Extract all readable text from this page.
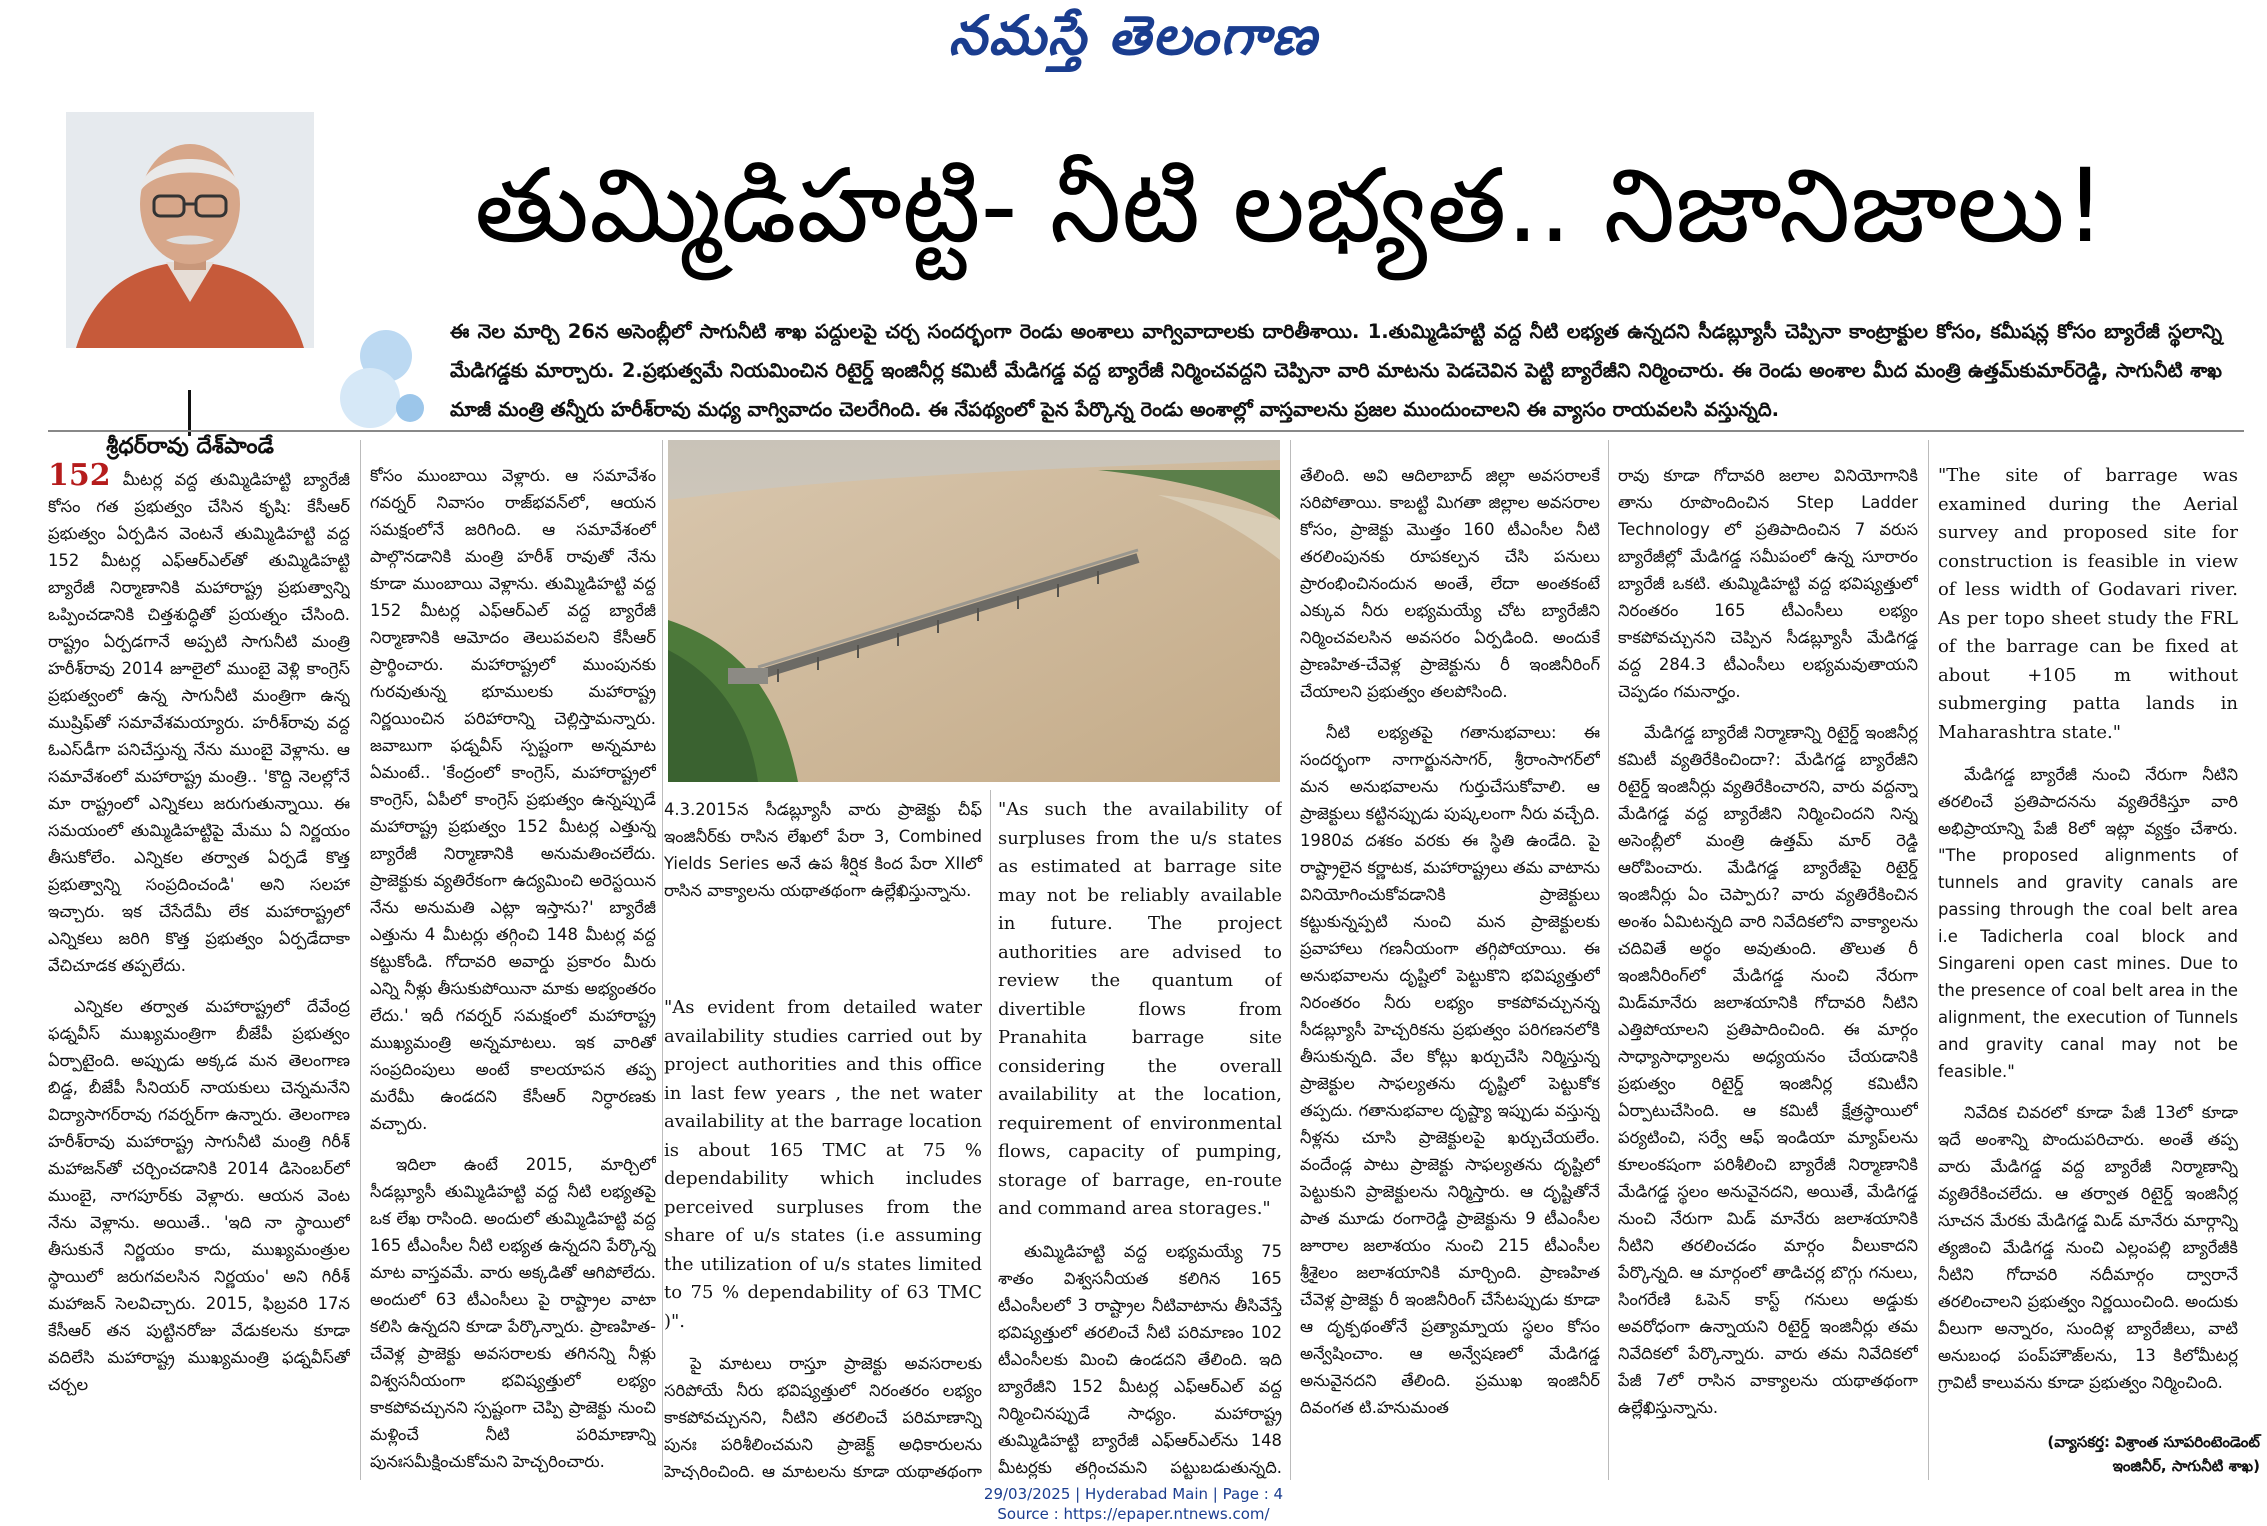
నమస్తే తెలంగాణ
శ్రీధర్‌రావు దేశ్‌పాండే
తుమ్మిడిహట్టి- నీటి లభ్యత.. నిజానిజాలు!
ఈ నెల మార్చి 26న అసెంబ్లీలో సాగునీటి శాఖ పద్దులపై చర్చ సందర్భంగా రెండు అంశాలు వాగ్వివాదాలకు దారితీశాయి. 1.తుమ్మిడిహట్టి వద్ద నీటి లభ్యత ఉన్నదని సీడబ్ల్యూసీ చెప్పినా కాంట్రాక్టుల కోసం, కమీషన్ల కోసం బ్యారేజీ స్థలాన్ని మేడిగడ్డకు మార్చారు. 2.ప్రభుత్వమే నియమించిన రిటైర్డ్ ఇంజినీర్ల కమిటీ మేడిగడ్డ వద్ద బ్యారేజీ నిర్మించవద్దని చెప్పినా వారి మాటను పెడచెవిన పెట్టి బ్యారేజీని నిర్మించారు. ఈ రెండు అంశాల మీద మంత్రి ఉత్తమ్‌కుమార్‌రెడ్డి, సాగునీటి శాఖ మాజీ మంత్రి తన్నీరు హరీశ్‌రావు మధ్య వాగ్వివాదం చెలరేగింది. ఈ నేపథ్యంలో పైన పేర్కొన్న రెండు అంశాల్లో వాస్తవాలను ప్రజల ముందుంచాలని ఈ వ్యాసం రాయవలసి వస్తున్నది.

152 మీటర్ల వద్ద తుమ్మిడిహట్టి బ్యారేజీ కోసం గత ప్రభుత్వం చేసిన కృషి: కేసీఆర్ ప్రభుత్వం ఏర్పడిన వెంటనే తుమ్మిడిహట్టి వద్ద 152 మీటర్ల ఎఫ్‌ఆర్‌ఎల్‌తో తుమ్మిడిహట్టి బ్యారేజీ నిర్మాణానికి మహారాష్ట్ర ప్రభుత్వాన్ని ఒప్పించడానికి చిత్తశుద్ధితో ప్రయత్నం చేసింది. రాష్ట్రం ఏర్పడగానే అప్పటి సాగునీటి మంత్రి హరీశ్‌రావు 2014 జూలైలో ముంబై వెళ్లి కాంగ్రెస్ ప్రభుత్వంలో ఉన్న సాగునీటి మంత్రిగా ఉన్న ముష్రిఫ్‌తో సమావేశమయ్యారు. హరీశ్‌రావు వద్ద ఓఎస్‌డీగా పనిచేస్తున్న నేను ముంబై వెళ్లాను. ఆ సమావేశంలో మహారాష్ట్ర మంత్రి.. 'కొద్ది నెలల్లోనే మా రాష్ట్రంలో ఎన్నికలు జరుగుతున్నాయి. ఈ సమయంలో తుమ్మిడిహట్టిపై మేము ఏ నిర్ణయం తీసుకోలేం. ఎన్నికల తర్వాత ఏర్పడే కొత్త ప్రభుత్వాన్ని సంప్రదించండి' అని సలహా ఇచ్చారు. ఇక చేసేదేమీ లేక మహారాష్ట్రలో ఎన్నికలు జరిగి కొత్త ప్రభుత్వం ఏర్పడేదాకా వేచిచూడక తప్పలేదు.

ఎన్నికల తర్వాత మహారాష్ట్రలో దేవేంద్ర ఫడ్నవీస్ ముఖ్యమంత్రిగా బీజేపీ ప్రభుత్వం ఏర్పాటైంది. అప్పుడు అక్కడ మన తెలంగాణ బిడ్డ, బీజేపీ సీనియర్ నాయకులు చెన్నమనేని విద్యాసాగర్‌రావు గవర్నర్‌గా ఉన్నారు. తెలంగాణ హరీశ్‌రావు మహారాష్ట్ర సాగునీటి మంత్రి గిరీశ్ మహాజన్‌తో చర్చించడానికి 2014 డిసెంబర్‌లో ముంబై, నాగపూర్‌కు వెళ్లారు. ఆయన వెంట నేను వెళ్లాను. అయితే.. 'ఇది నా స్థాయిలో తీసుకునే నిర్ణయం కాదు, ముఖ్యమంత్రుల స్థాయిలో జరుగవలసిన నిర్ణయం' అని గిరీశ్ మహాజన్ సెలవిచ్చారు. 2015, ఫిబ్రవరి 17న కేసీఆర్ తన పుట్టినరోజు వేడుకలను కూడా వదిలేసి మహారాష్ట్ర ముఖ్యమంత్రి ఫడ్నవీస్‌తో చర్చల

కోసం ముంబాయి వెళ్లారు. ఆ సమావేశం గవర్నర్ నివాసం రాజ్‌భవన్‌లో, ఆయన సమక్షంలోనే జరిగింది. ఆ సమావేశంలో పాల్గొనడానికి మంత్రి హరీశ్ రావుతో నేను కూడా ముంబాయి వెళ్లాను. తుమ్మిడిహట్టి వద్ద 152 మీటర్ల ఎఫ్‌ఆర్‌ఎల్ వద్ద బ్యారేజీ నిర్మాణానికి ఆమోదం తెలుపవలని కేసీఆర్ ప్రార్థించారు. మహారాష్ట్రలో ముంపునకు గురవుతున్న భూములకు మహారాష్ట్ర నిర్ణయించిన పరిహారాన్ని చెల్లిస్తామన్నారు. జవాబుగా ఫడ్నవీస్ స్పష్టంగా అన్నమాట ఏమంటే.. 'కేంద్రంలో కాంగ్రెస్, మహారాష్ట్రలో కాంగ్రెస్, ఏపీలో కాంగ్రెస్ ప్రభుత్వం ఉన్నప్పుడే మహారాష్ట్ర ప్రభుత్వం 152 మీటర్ల ఎత్తున్న బ్యారేజీ నిర్మాణానికి అనుమతించలేదు. ప్రాజెక్టుకు వ్యతిరేకంగా ఉద్యమించి అరెస్టయిన నేను అనుమతి ఎట్లా ఇస్తాను?' బ్యారేజీ ఎత్తును 4 మీటర్లు తగ్గించి 148 మీటర్ల వద్ద కట్టుకోండి. గోదావరి అవార్డు ప్రకారం మీరు ఎన్ని నీళ్లు తీసుకుపోయినా మాకు అభ్యంతరం లేదు.' ఇదీ గవర్నర్ సమక్షంలో మహారాష్ట్ర ముఖ్యమంత్రి అన్నమాటలు. ఇక వారితో సంప్రదింపులు అంటే కాలయాపన తప్ప మరేమీ ఉండదని కేసీఆర్ నిర్ధారణకు వచ్చారు.

ఇదిలా ఉంటే 2015, మార్చిలో సీడబ్ల్యూసీ తుమ్మిడిహట్టి వద్ద నీటి లభ్యతపై ఒక లేఖ రాసింది. అందులో తుమ్మిడిహట్టి వద్ద 165 టీఎంసీల నీటి లభ్యత ఉన్నదని పేర్కొన్న మాట వాస్తవమే. వారు అక్కడితో ఆగిపోలేదు. అందులో 63 టీఎంసీలు పై రాష్ట్రాల వాటా కలిసి ఉన్నదని కూడా పేర్కొన్నారు. ప్రాణహిత-చేవెళ్ల ప్రాజెక్టు అవసరాలకు తగినన్ని నీళ్లు విశ్వసనీయంగా భవిష్యత్తులో లభ్యం కాకపోవచ్చునని స్పష్టంగా చెప్పి ప్రాజెక్టు నుంచి మళ్లించే నీటి పరిమాణాన్ని పునఃసమీక్షించుకోమని హెచ్చరించారు.

4.3.2015న సీడబ్ల్యూసీ వారు ప్రాజెక్టు చీఫ్ ఇంజినీర్‌కు రాసిన లేఖలో పేరా 3, Combined Yields Series అనే ఉప శీర్షిక కింద పేరా XIIలో రాసిన వాక్యాలను యథాతథంగా ఉల్లేఖిస్తున్నాను.

"As evident from detailed water availability studies carried out by project authorities and this office in last few years , the net water availability at the barrage location is about 165 TMC at 75 % dependability which includes perceived surpluses from the share of u/s states (i.e assuming the utilization of u/s states limited to 75 % dependability of 63 TMC )".

పై మాటలు రాస్తూ ప్రాజెక్టు అవసరాలకు సరిపోయే నీరు భవిష్యత్తులో నిరంతరం లభ్యం కాకపోవచ్చునని, నీటిని తరలించే పరిమాణాన్ని పునః పరిశీలించమని ప్రాజెక్ట్ అధికారులను హెచ్చరించింది. ఆ మాటలను కూడా యథాతథంగా

"As such the availability of surpluses from the u/s states as estimated at barrage site may not be reliably available in future. The project authorities are advised to review the quantum of divertible flows from Pranahita barrage site considering the overall availability at the location, requirement of environmental flows, capacity of pumping, storage of barrage, en-route and command area storages."

తుమ్మిడిహట్టి వద్ద లభ్యమయ్యే 75 శాతం విశ్వసనీయత కలిగిన 165 టీఎంసీలలో 3 రాష్ట్రాల నీటివాటాను తీసివేస్తే భవిష్యత్తులో తరలించే నీటి పరిమాణం 102 టీఎంసీలకు మించి ఉండదని తేలింది. ఇది బ్యారేజీని 152 మీటర్ల ఎఫ్‌ఆర్‌ఎల్ వద్ద నిర్మించినప్పుడే సాధ్యం. మహారాష్ట్ర తుమ్మిడిహట్టి బ్యారేజీ ఎఫ్ఆర్ఎల్‌ను 148 మీటర్లకు తగ్గించమని పట్టుబడుతున్నది.

తేలింది. అవి ఆదిలాబాద్ జిల్లా అవసరాలకే సరిపోతాయి. కాబట్టి మిగతా జిల్లాల అవసరాల కోసం, ప్రాజెక్టు మొత్తం 160 టీఎంసీల నీటి తరలింపునకు రూపకల్పన చేసి పనులు ప్రారంభించినందున అంతే, లేదా అంతకంటే ఎక్కువ నీరు లభ్యమయ్యే చోట బ్యారేజీని నిర్మించవలసిన అవసరం ఏర్పడింది. అందుకే ప్రాణహిత-చేవెళ్ల ప్రాజెక్టును రీ ఇంజినీరింగ్ చేయాలని ప్రభుత్వం తలపోసింది.

నీటి లభ్యతపై గతానుభవాలు: ఈ సందర్భంగా నాగార్జునసాగర్, శ్రీరాంసాగర్‌లో మన అనుభవాలను గుర్తుచేసుకోవాలి. ఆ ప్రాజెక్టులు కట్టినప్పుడు పుష్కలంగా నీరు వచ్చేది. 1980వ దశకం వరకు ఈ స్థితి ఉండేది. పై రాష్ట్రాలైన కర్ణాటక, మహారాష్ట్రలు తమ వాటాను వినియోగించుకోవడానికి ప్రాజెక్టులు కట్టుకున్నప్పటి నుంచి మన ప్రాజెక్టులకు ప్రవాహాలు గణనీయంగా తగ్గిపోయాయి. ఈ అనుభవాలను దృష్టిలో పెట్టుకొని భవిష్యత్తులో నిరంతరం నీరు లభ్యం కాకపోవచ్చునన్న సీడబ్ల్యూసీ హెచ్చరికను ప్రభుత్వం పరిగణనలోకి తీసుకున్నది. వేల కోట్లు ఖర్చుచేసి నిర్మిస్తున్న ప్రాజెక్టుల సాఫల్యతను దృష్టిలో పెట్టుకోక తప్పదు. గతానుభవాల దృష్ట్యా ఇప్పుడు వస్తున్న నీళ్లను చూసి ప్రాజెక్టులపై ఖర్చుచేయలేం. వందేండ్ల పాటు ప్రాజెక్టు సాఫల్యతను దృష్టిలో పెట్టుకుని ప్రాజెక్టులను నిర్మిస్తారు. ఆ దృష్టితోనే పాత మూడు రంగారెడ్డి ప్రాజెక్టును 9 టీఎంసీల జూరాల జలాశయం నుంచి 215 టీఎంసీల శ్రీశైలం జలాశయానికి మార్చింది. ప్రాణహిత చేవెళ్ల ప్రాజెక్టు రీ ఇంజినీరింగ్ చేసేటప్పుడు కూడా ఆ దృక్పథంతోనే ప్రత్యామ్నాయ స్థలం కోసం అన్వేషించాం. ఆ అన్వేషణలో మేడిగడ్డ అనువైనదని తేలింది. ప్రముఖ ఇంజినీర్ దివంగత టి.హనుమంత

రావు కూడా గోదావరి జలాల వినియోగానికి తాను రూపొందించిన Step Ladder Technology లో ప్రతిపాదించిన 7 వరుస బ్యారేజీల్లో మేడిగడ్డ సమీపంలో ఉన్న సూరారం బ్యారేజీ ఒకటి. తుమ్మిడిహట్టి వద్ద భవిష్యత్తులో నిరంతరం 165 టీఎంసీలు లభ్యం కాకపోవచ్చునని చెప్పిన సీడబ్ల్యూసీ మేడిగడ్డ వద్ద 284.3 టీఎంసీలు లభ్యమవుతాయని చెప్పడం గమనార్హం.

మేడిగడ్డ బ్యారేజీ నిర్మాణాన్ని రిటైర్డ్ ఇంజినీర్ల కమిటీ వ్యతిరేకించిందా?: మేడిగడ్డ బ్యారేజీని రిటైర్డ్ ఇంజినీర్లు వ్యతిరేకించారని, వారు వద్దన్నా మేడిగడ్డ వద్ద బ్యారేజీని నిర్మించిందని నిన్న అసెంబ్లీలో మంత్రి ఉత్తమ్ మార్ రెడ్డి ఆరోపించారు. మేడిగడ్డ బ్యారేజీపై రిటైర్డ్ ఇంజినీర్లు ఏం చెప్పారు? వారు వ్యతిరేకించిన అంశం ఏమిటన్నది వారి నివేదికలోని వాక్యాలను చదివితే అర్థం అవుతుంది. తొలుత రీ ఇంజినీరింగ్‌లో మేడిగడ్డ నుంచి నేరుగా మిడ్‌మానేరు జలాశయానికి గోదావరి నీటిని ఎత్తిపోయాలని ప్రతిపాదించింది. ఈ మార్గం సాధ్యాసాధ్యాలను అధ్యయనం చేయడానికి ప్రభుత్వం రిటైర్డ్ ఇంజినీర్ల కమిటీని ఏర్పాటుచేసింది. ఆ కమిటీ క్షేత్రస్థాయిలో పర్యటించి, సర్వే ఆఫ్ ఇండియా మ్యాప్‌లను కూలంకషంగా పరిశీలించి బ్యారేజీ నిర్మాణానికి మేడిగడ్డ స్థలం అనువైనదని, అయితే, మేడిగడ్డ నుంచి నేరుగా మిడ్ మానేరు జలాశయానికి నీటిని తరలించడం మార్గం వీలుకాదని పేర్కొన్నది. ఆ మార్గంలో తాడిచర్ల బొగ్గు గనులు, సింగరేణి ఓపెన్ కాస్ట్ గనులు అడ్డుకు అవరోధంగా ఉన్నాయని రిటైర్డ్ ఇంజినీర్లు తమ నివేదికలో పేర్కొన్నారు. వారు తమ నివేదికలో పేజీ 7లో రాసిన వాక్యాలను యథాతథంగా ఉల్లేఖిస్తున్నాను.

"The site of barrage was examined during the Aerial survey and proposed site for construction is feasible in view of less width of Godavari river. As per topo sheet study the FRL of the barrage can be fixed at about +105 m without submerging patta lands in Maharashtra state."

మేడిగడ్డ బ్యారేజీ నుంచి నేరుగా నీటిని తరలించే ప్రతిపాదనను వ్యతిరేకిస్తూ వారి అభిప్రాయాన్ని పేజీ 8లో ఇట్లా వ్యక్తం చేశారు. "The proposed alignments of tunnels and gravity canals are passing through the coal belt area i.e Tadicherla coal block and Singareni open cast mines. Due to the presence of coal belt area in the alignment, the execution of Tunnels and gravity canal may not be feasible."

నివేదిక చివరలో కూడా పేజీ 13లో కూడా ఇదే అంశాన్ని పొందుపరిచారు. అంతే తప్ప వారు మేడిగడ్డ వద్ద బ్యారేజీ నిర్మాణాన్ని వ్యతిరేకించలేదు. ఆ తర్వాత రిటైర్డ్ ఇంజినీర్ల సూచన మేరకు మేడిగడ్డ మిడ్ మానేరు మార్గాన్ని త్యజించి మేడిగడ్డ నుంచి ఎల్లంపల్లి బ్యారేజీకి నీటిని గోదావరి నదీమార్గం ద్వారానే తరలించాలని ప్రభుత్వం నిర్ణయించింది. అందుకు వీలుగా అన్నారం, సుందిళ్ల బ్యారేజీలు, వాటి అనుబంధ పంప్‌హౌజ్‌లను, 13 కిలోమీటర్ల గ్రావిటీ కాలువను కూడా ప్రభుత్వం నిర్మించింది.

(వ్యాసకర్త: విశ్రాంత సూపరింటెండెంట్
ఇంజినీర్, సాగునీటి శాఖ)
29/03/2025 | Hyderabad Main | Page : 4
Source : https://epaper.ntnews.com/
